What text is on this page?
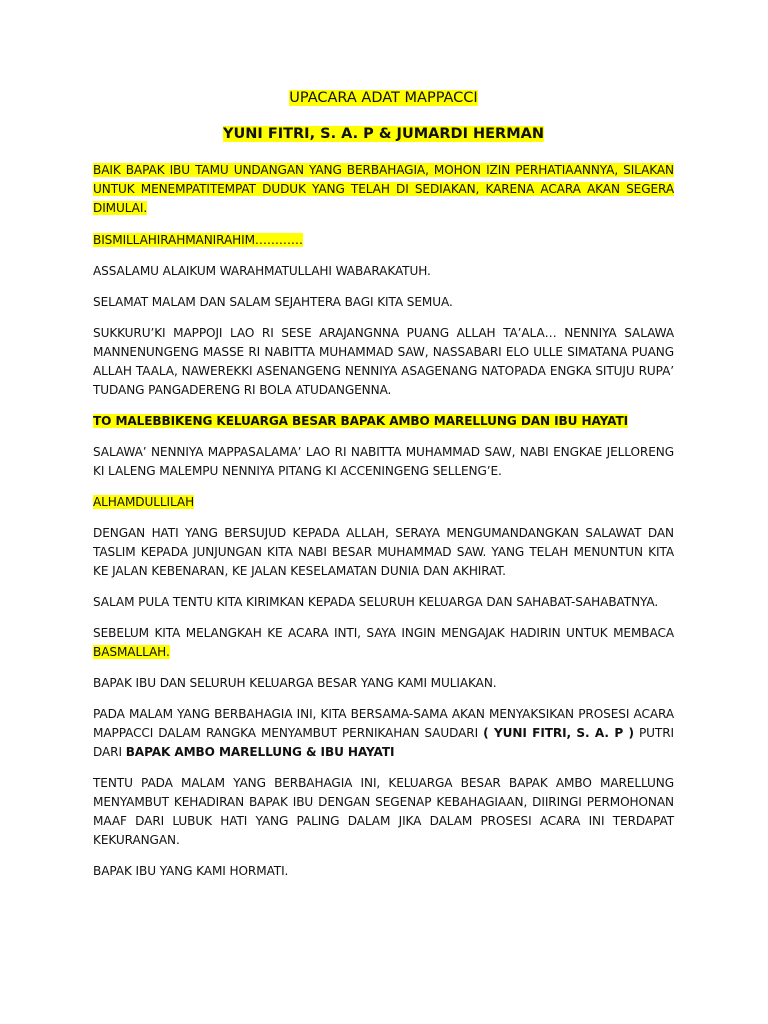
UPACARA ADAT MAPPACCI

YUNI FITRI, S. A. P & JUMARDI HERMAN

BAIK BAPAK IBU TAMU UNDANGAN YANG BERBAHAGIA, MOHON IZIN PERHATIAANNYA, SILAKAN UNTUK MENEMPATITEMPAT DUDUK YANG TELAH DI SEDIAKAN, KARENA ACARA AKAN SEGERA DIMULAI.

BISMILLAHIRAHMANIRAHIM…………

ASSALAMU ALAIKUM WARAHMATULLAHI WABARAKATUH.

SELAMAT MALAM DAN SALAM SEJAHTERA BAGI KITA SEMUA.

SUKKURU’KI MAPPOJI LAO RI SESE ARAJANGNNA PUANG ALLAH TA’ALA… NENNIYA SALAWA MANNENUNGENG MASSE RI NABITTA MUHAMMAD SAW, NASSABARI ELO ULLE SIMATANA PUANG ALLAH TAALA, NAWEREKKI ASENANGENG NENNIYA ASAGENANG NATOPADA ENGKA SITUJU RUPA’ TUDANG PANGADERENG RI BOLA ATUDANGENNA.

TO MALEBBIKENG KELUARGA BESAR BAPAK AMBO MARELLUNG DAN IBU HAYATI

SALAWA’ NENNIYA MAPPASALAMA’ LAO RI NABITTA MUHAMMAD SAW, NABI ENGKAE JELLORENG KI LALENG MALEMPU NENNIYA PITANG KI ACCENINGENG SELLENG’E.

ALHAMDULLILAH

DENGAN HATI YANG BERSUJUD KEPADA ALLAH, SERAYA MENGUMANDANGKAN SALAWAT DAN TASLIM KEPADA JUNJUNGAN KITA NABI BESAR MUHAMMAD SAW. YANG TELAH MENUNTUN KITA KE JALAN KEBENARAN, KE JALAN KESELAMATAN DUNIA DAN AKHIRAT.

SALAM PULA TENTU KITA KIRIMKAN KEPADA SELURUH KELUARGA DAN SAHABAT-SAHABATNYA.

SEBELUM KITA MELANGKAH KE ACARA INTI, SAYA INGIN MENGAJAK HADIRIN UNTUK MEMBACA BASMALLAH.

BAPAK IBU DAN SELURUH KELUARGA BESAR YANG KAMI MULIAKAN.

PADA MALAM YANG BERBAHAGIA INI, KITA BERSAMA-SAMA AKAN MENYAKSIKAN PROSESI ACARA MAPPACCI DALAM RANGKA MENYAMBUT PERNIKAHAN SAUDARI ( YUNI FITRI, S. A. P ) PUTRI DARI BAPAK AMBO MARELLUNG & IBU HAYATI

TENTU PADA MALAM YANG BERBAHAGIA INI, KELUARGA BESAR BAPAK AMBO MARELLUNG MENYAMBUT KEHADIRAN BAPAK IBU DENGAN SEGENAP KEBAHAGIAAN, DIIRINGI PERMOHONAN MAAF DARI LUBUK HATI YANG PALING DALAM JIKA DALAM PROSESI ACARA INI TERDAPAT KEKURANGAN.

BAPAK IBU YANG KAMI HORMATI.
